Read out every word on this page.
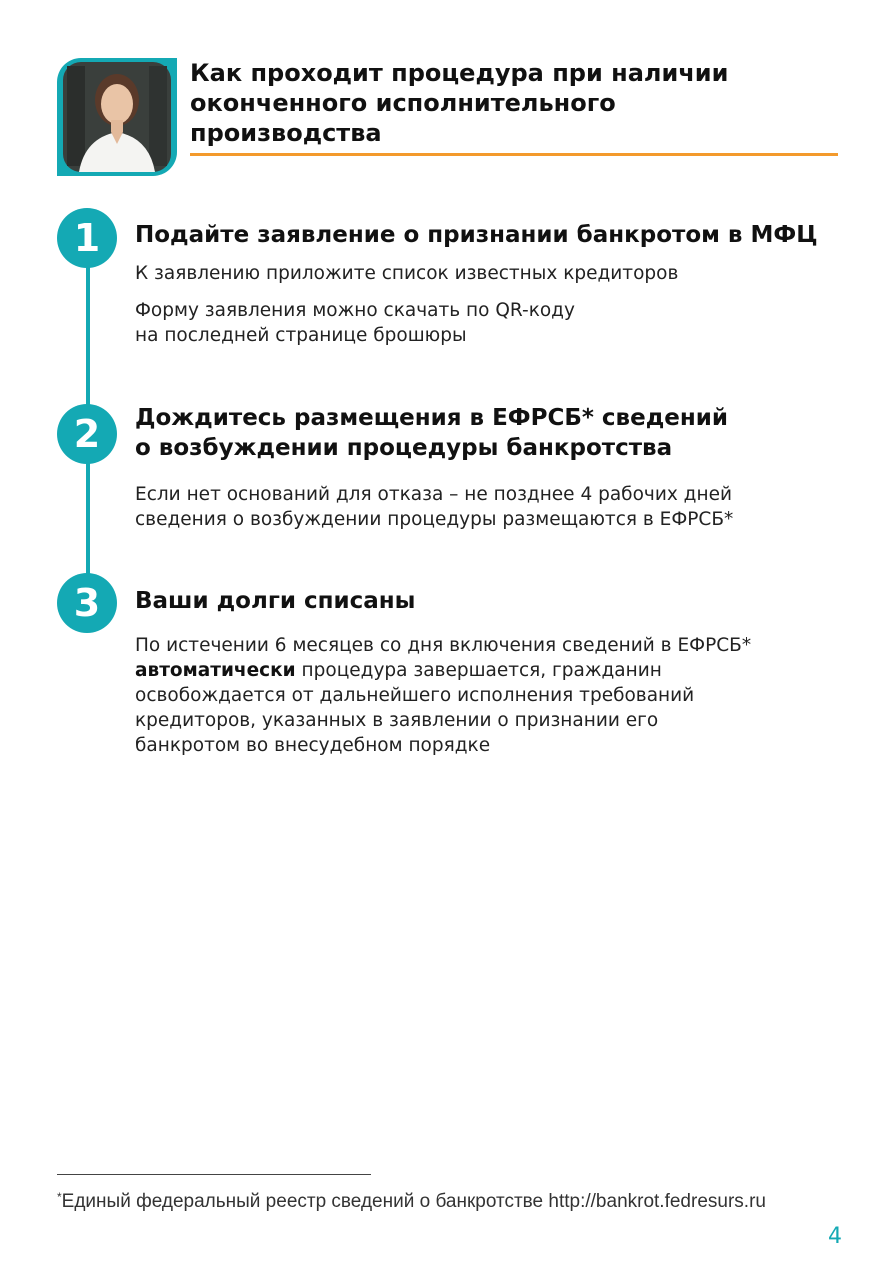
Как проходит процедура при наличии оконченного исполнительного производства
1	Подайте заявление о признании банкротом в МФЦ
К заявлению приложите список известных кредиторов
Форму заявления можно скачать по QR-коду
на последней странице брошюры
2	Дождитесь размещения в ЕФРСБ* сведений
о возбуждении процедуры банкротства
Если нет оснований для отказа – не позднее 4 рабочих дней
сведения о возбуждении процедуры размещаются в ЕФРСБ*
3	Ваши долги списаны
По истечении 6 месяцев со дня включения сведений в ЕФРСБ*
автоматически процедура завершается, гражданин
освобождается от дальнейшего исполнения требований
кредиторов, указанных в заявлении о признании его
банкротом во внесудебном порядке
*Единый федеральный реестр сведений о банкротстве http://bankrot.fedresurs.ru
4
